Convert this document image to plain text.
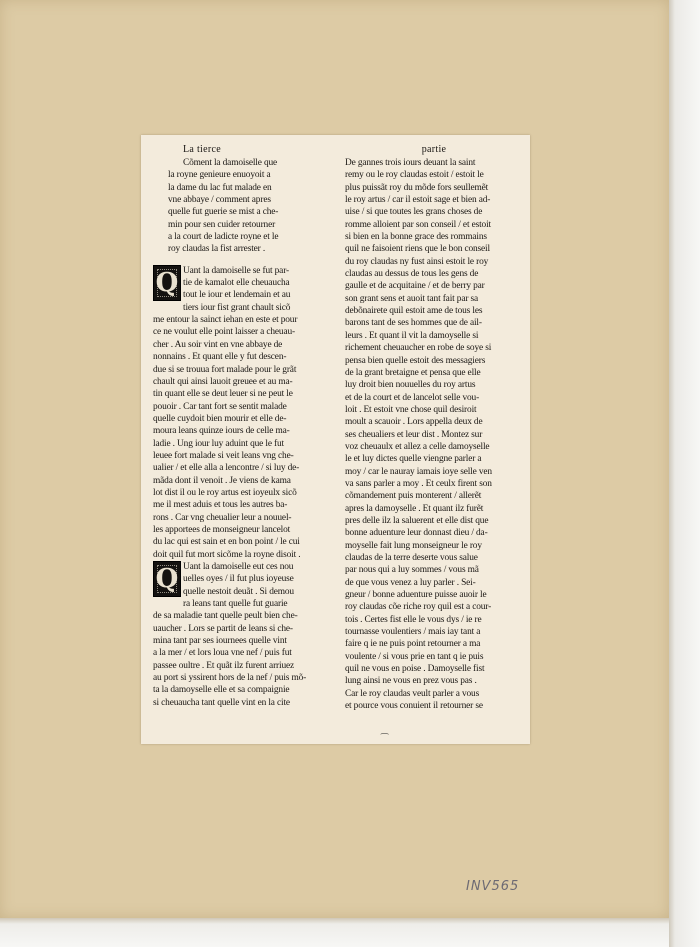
La tierce
Cõment la damoiselle que
la royne genieure enuoyoit a
la dame du lac fut malade en
vne abbaye / comment apres
quelle fut guerie se mist a che-
min pour sen cuider retourner
a la court de ladicte royne et le
roy claudas la fist arrester .
Q Uant la damoiselle se fut par-
tie de kamalot elle cheuaucha
tout le iour et lendemain et au
tiers iour fist grant chault sicõ
me entour la sainct iehan en este et pour
ce ne voulut elle point laisser a cheuau-
cher . Au soir vint en vne abbaye de
nonnains . Et quant elle y fut descen-
due si se trouua fort malade pour le grãt
chault qui ainsi lauoit greuee et au ma-
tin quant elle se deut leuer si ne peut le
pouoir . Car tant fort se sentit malade
quelle cuydoit bien mourir et elle de-
moura leans quinze iours de celle ma-
ladie . Ung iour luy aduint que le fut
leuee fort malade si veit leans vng che-
ualier / et elle alla a lencontre / si luy de-
mãda dont il venoit . Je viens de kama
lot dist il ou le roy artus est ioyeulx sicõ
me il mest aduis et tous les autres ba-
rons . Car vng cheualier leur a nouuel-
les apportees de monseigneur lancelot
du lac qui est sain et en bon point / le cui
doit quil fut mort sicõme la royne disoit .
Q Uant la damoiselle eut ces nou
uelles oyes / il fut plus ioyeuse
quelle nestoit deuãt . Si demou
ra leans tant quelle fut guarie
de sa maladie tant quelle peult bien che-
uaucher . Lors se partit de leans si che-
mina tant par ses iournees quelle vint
a la mer / et lors loua vne nef / puis fut
passee oultre . Et quãt ilz furent arriuez
au port si yssirent hors de la nef / puis mõ-
ta la damoyselle elle et sa compaignie
si cheuaucha tant quelle vint en la cite
partie
De gannes trois iours deuant la saint
remy ou le roy claudas estoit / estoit le
plus puissãt roy du mõde fors seullemẽt
le roy artus / car il estoit sage et bien ad-
uise / si que toutes les grans choses de
romme alloient par son conseil / et estoit
si bien en la bonne grace des rommains
quil ne faisoient riens que le bon conseil
du roy claudas ny fust ainsi estoit le roy
claudas au dessus de tous les gens de
gaulle et de acquitaine / et de berry par
son grant sens et auoit tant fait par sa
debõnairete quil estoit ame de tous les
barons tant de ses hommes que de ail-
leurs . Et quant il vit la damoyselle si
richement cheuaucher en robe de soye si
pensa bien quelle estoit des messagiers
de la grant bretaigne et pensa que elle
luy droit bien nouuelles du roy artus
et de la court et de lancelot selle vou-
loit . Et estoit vne chose quil desiroit
moult a scauoir . Lors appella deux de
ses cheualiers et leur dist . Montez sur
voz cheuaulx et allez a celle damoyselle
le et luy dictes quelle viengne parler a
moy / car le nauray iamais ioye selle ven
va sans parler a moy . Et ceulx firent son
cõmandement puis monterent / allerẽt
apres la damoyselle . Et quant ilz furẽt
pres delle ilz la saluerent et elle dist que
bonne aduenture leur donnast dieu / da-
moyselle fait lung monseigneur le roy
claudas de la terre deserte vous salue
par nous qui a luy sommes / vous mã
de que vous venez a luy parler . Sei-
gneur / bonne aduenture puisse auoir le
roy claudas cõe riche roy quil est a cour-
tois . Certes fist elle le vous dys / ie re
tournasse voulentiers / mais iay tant a
faire q ie ne puis point retourner a ma
voulente / si vous prie en tant q ie puis
quil ne vous en poise . Damoyselle fist
lung ainsi ne vous en prez vous pas .
Car le roy claudas veult parler a vous
et pource vous conuient il retourner se
⁀
INV565
